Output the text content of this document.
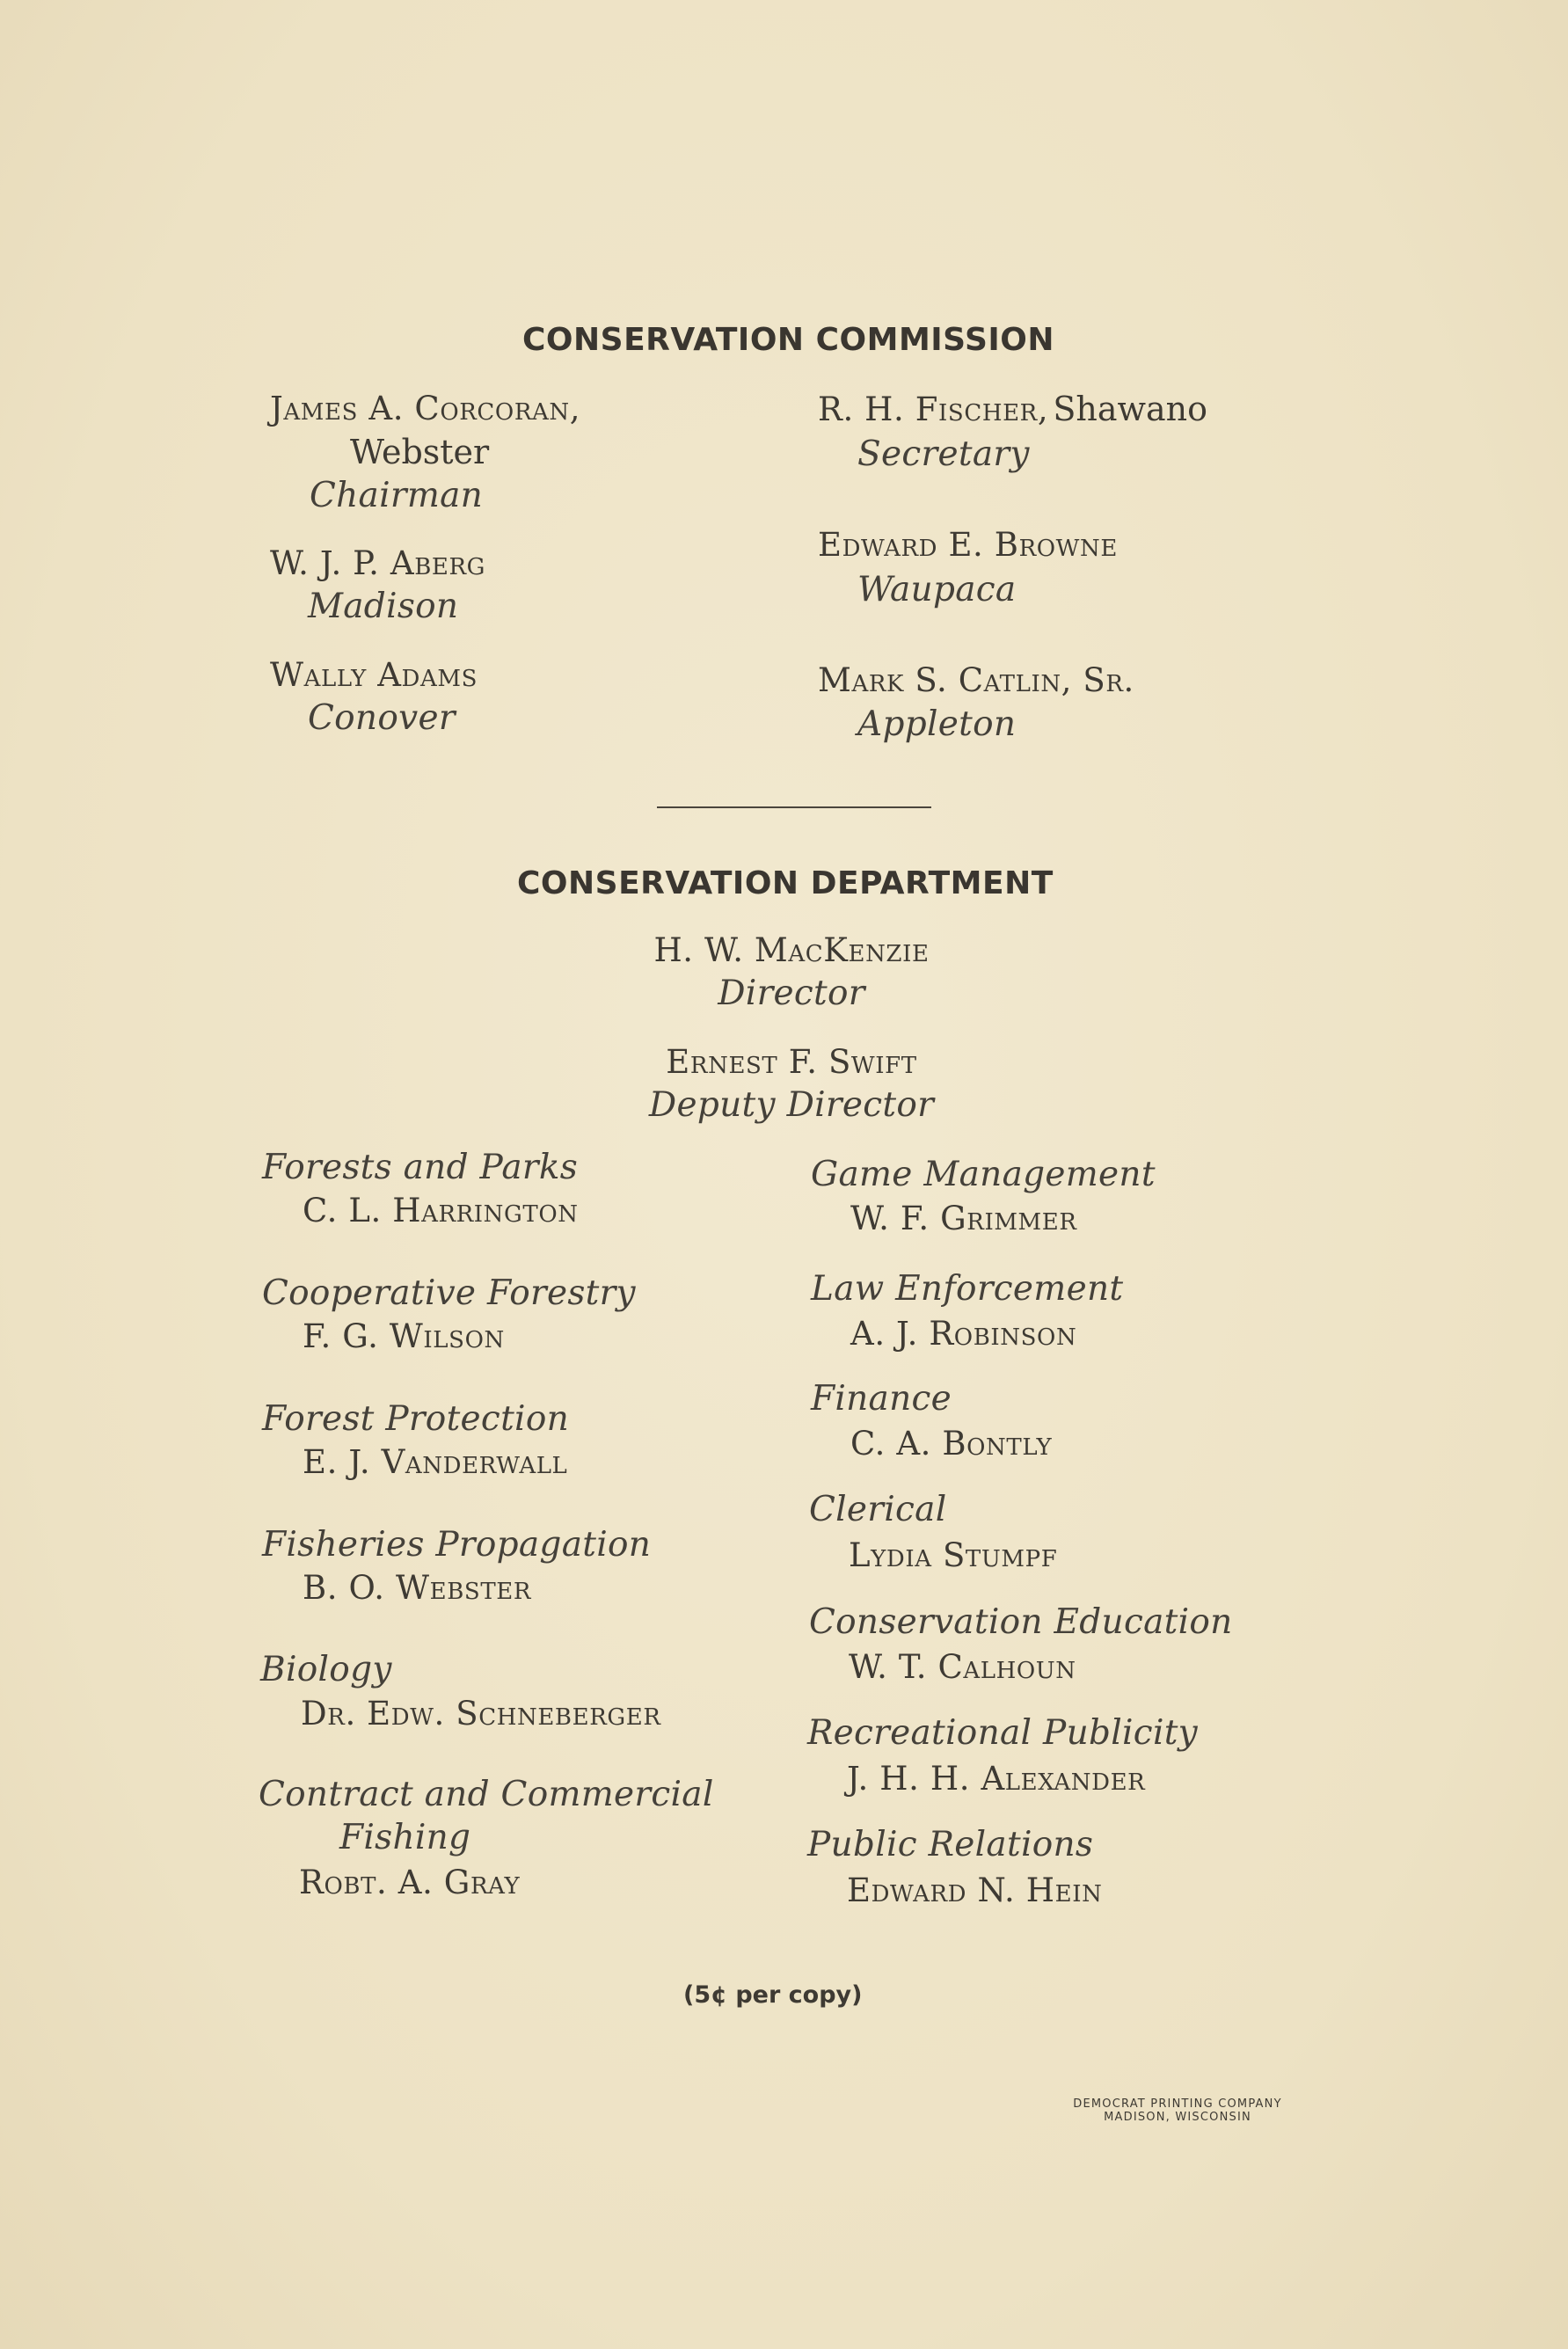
CONSERVATION COMMISSION
James A. Corcoran,
Webster
Chairman
W. J. P. Aberg
Madison
Wally Adams
Conover
R. H. Fischer, Shawano
Secretary
Edward E. Browne
Waupaca
Mark S. Catlin, Sr.
Appleton
CONSERVATION DEPARTMENT
H. W. MacKenzie
Director
Ernest F. Swift
Deputy Director
Forests and Parks
C. L. Harrington
Cooperative Forestry
F. G. Wilson
Forest Protection
E. J. Vanderwall
Fisheries Propagation
B. O. Webster
Biology
Dr. Edw. Schneberger
Contract and Commercial
Fishing
Robt. A. Gray
Game Management
W. F. Grimmer
Law Enforcement
A. J. Robinson
Finance
C. A. Bontly
Clerical
Lydia Stumpf
Conservation Education
W. T. Calhoun
Recreational Publicity
J. H. H. Alexander
Public Relations
Edward N. Hein
(5¢ per copy)
DEMOCRAT PRINTING COMPANY
MADISON, WISCONSIN
